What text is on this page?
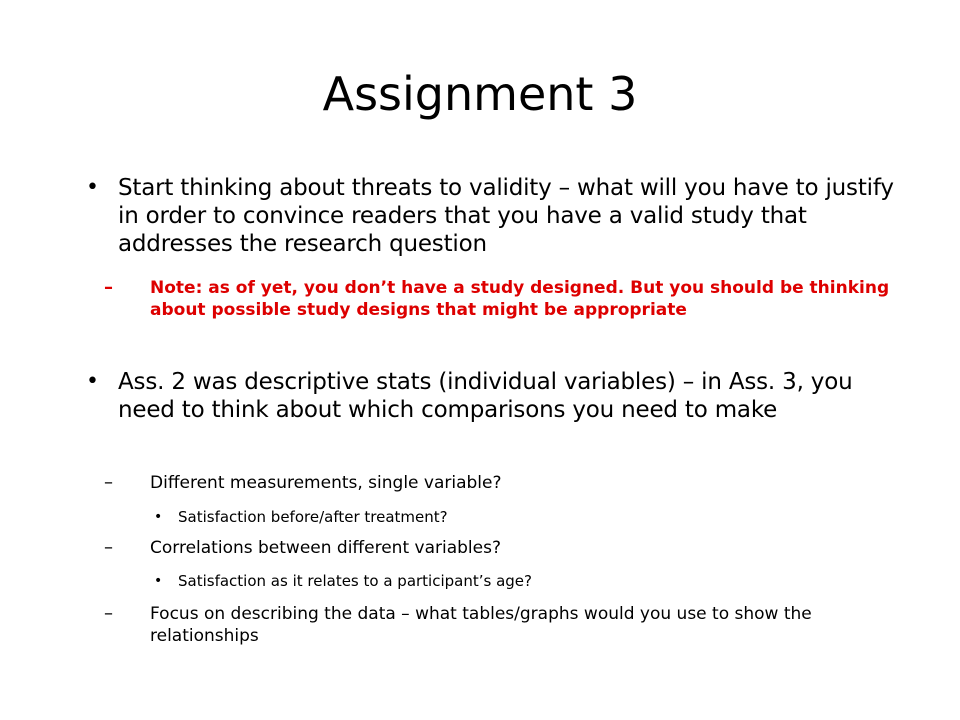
Assignment 3
• Start thinking about threats to validity – what will you have to justify in order to convince readers that you have a valid study that addresses the research question

– Note: as of yet, you don’t have a study designed. But you should be thinking about possible study designs that might be appropriate

• Ass. 2 was descriptive stats (individual variables) – in Ass. 3, you need to think about which comparisons you need to make

– Different measurements, single variable?

• Satisfaction before/after treatment?

– Correlations between different variables?

• Satisfaction as it relates to a participant’s age?

– Focus on describing the data – what tables/graphs would you use to show the relationships
